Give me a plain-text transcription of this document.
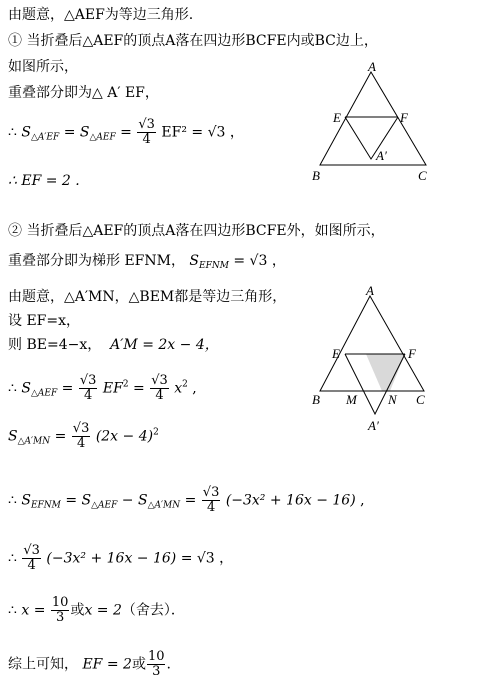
由题意，△AEF为等边三角形.
① 当折叠后△AEF的顶点A落在四边形BCFE内或BC边上，
如图所示，
重叠部分即为△ A′ EF，
∴ $S_{\triangle A'EF} = S_{\triangle AEF} = \frac{√3}{4} EF^2 = √3$ ，
∴ EF = 2 .
A
E	F
A′
B	C
② 当折叠后△AEF的顶点A落在四边形BCFE外，如图所示，
重叠部分即为梯形 EFNM， $S_{EFNM} = √3$ ，
由题意，△A′MN，△BEM都是等边三角形，
设 EF=x，
则 BE=4−x， A′M = 2x − 4，
∴ $S_{\triangle AEF} = \frac{√3}{4} EF^2 = \frac{√3}{4} x^2$ ,
$S_{\triangle A'MN} = \frac{√3}{4} (2x - 4)^2$
A
E	F
B M N C
A′
∴ $S_{EFNM} = S_{\triangle AEF} - S_{\triangle A'MN} = \frac{√3}{4} (-3x^2 + 16x - 16)$ ,
∴ $\frac{√3}{4} (-3x^2 + 16x - 16) = √3$ ，
∴ $x = \frac{10}{3}$ 或x = 2（舍去）．
综上可知， EF = 2或 $\frac{10}{3}$ .
